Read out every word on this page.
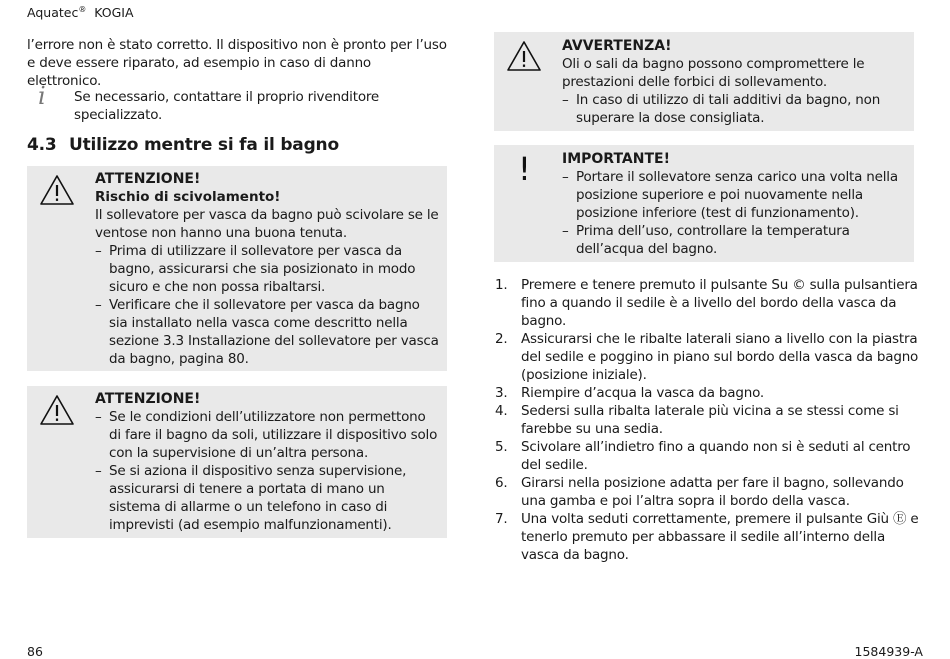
Aquatec® KOGIA
l’errore non è stato corretto. Il dispositivo non è pronto per l’uso e deve essere riparato, ad esempio in caso di danno elettronico.
i	Se necessario, contattare il proprio rivenditore specializzato.
4.3 Utilizzo mentre si fa il bagno
ATTENZIONE!
Rischio di scivolamento!
Il sollevatore per vasca da bagno può scivolare se le ventose non hanno una buona tenuta.
– Prima di utilizzare il sollevatore per vasca da bagno, assicurarsi che sia posizionato in modo sicuro e che non possa ribaltarsi.
– Verificare che il sollevatore per vasca da bagno sia installato nella vasca come descritto nella sezione 3.3 Installazione del sollevatore per vasca da bagno, pagina 80.
ATTENZIONE!
– Se le condizioni dell’utilizzatore non permettono di fare il bagno da soli, utilizzare il dispositivo solo con la supervisione di un’altra persona.
– Se si aziona il dispositivo senza supervisione, assicurarsi di tenere a portata di mano un sistema di allarme o un telefono in caso di imprevisti (ad esempio malfunzionamenti).
AVVERTENZA!
Oli o sali da bagno possono compromettere le prestazioni delle forbici di sollevamento.
– In caso di utilizzo di tali additivi da bagno, non superare la dose consigliata.
! IMPORTANTE!
– Portare il sollevatore senza carico una volta nella posizione superiore e poi nuovamente nella posizione inferiore (test di funzionamento).
– Prima dell’uso, controllare la temperatura dell’acqua del bagno.
1.	Premere e tenere premuto il pulsante Su © sulla pulsantiera fino a quando il sedile è a livello del bordo della vasca da bagno.
2.	Assicurarsi che le ribalte laterali siano a livello con la piastra del sedile e poggino in piano sul bordo della vasca da bagno (posizione iniziale).
3.	Riempire d’acqua la vasca da bagno.
4.	Sedersi sulla ribalta laterale più vicina a se stessi come si farebbe su una sedia.
5.	Scivolare all’indietro fino a quando non si è seduti al centro del sedile.
6.	Girarsi nella posizione adatta per fare il bagno, sollevando una gamba e poi l’altra sopra il bordo della vasca.
7.	Una volta seduti correttamente, premere il pulsante Giù Ⓔ e tenerlo premuto per abbassare il sedile all’interno della vasca da bagno.
86	1584939-A
